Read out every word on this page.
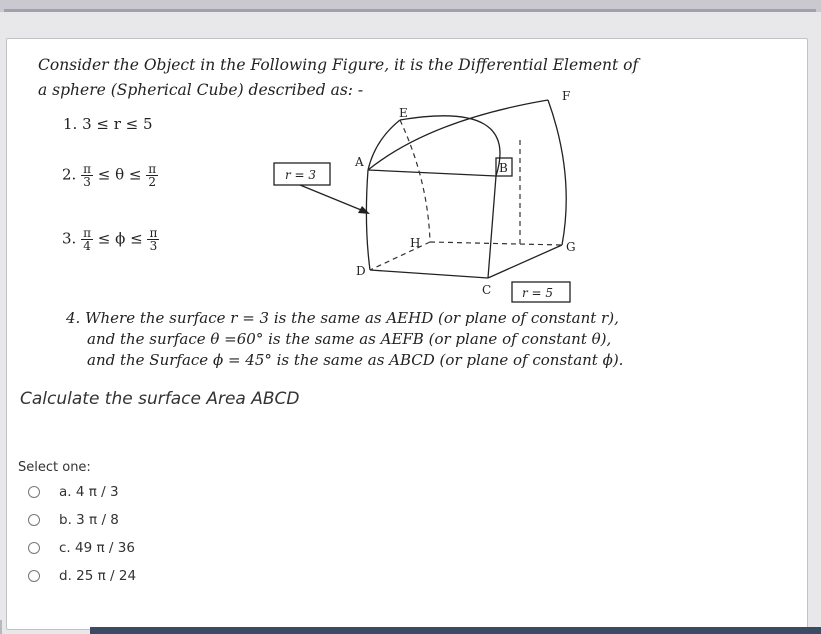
Consider the Object in the Following Figure, it is the Differential Element of
a sphere (Spherical Cube) described as: -
1. 3 ≤ r ≤ 5
2. $\frac{\pi}{3} \le \theta \le \frac{\pi}{2}$
3. $\frac{\pi}{4} \le \phi \le \frac{\pi}{3}$
A	B
C
D
E
F
G
H
r = 3
r = 5
4. Where the surface r = 3 is the same as AEHD (or plane of constant r),
and the surface θ =60° is the same as AEFB (or plane of constant θ),
and the Surface ϕ = 45° is the same as ABCD (or plane of constant ϕ).
Calculate the surface Area ABCD
Select one:
a. 4 π / 3
b. 3 π / 8
c. 49 π / 36
d. 25 π / 24
